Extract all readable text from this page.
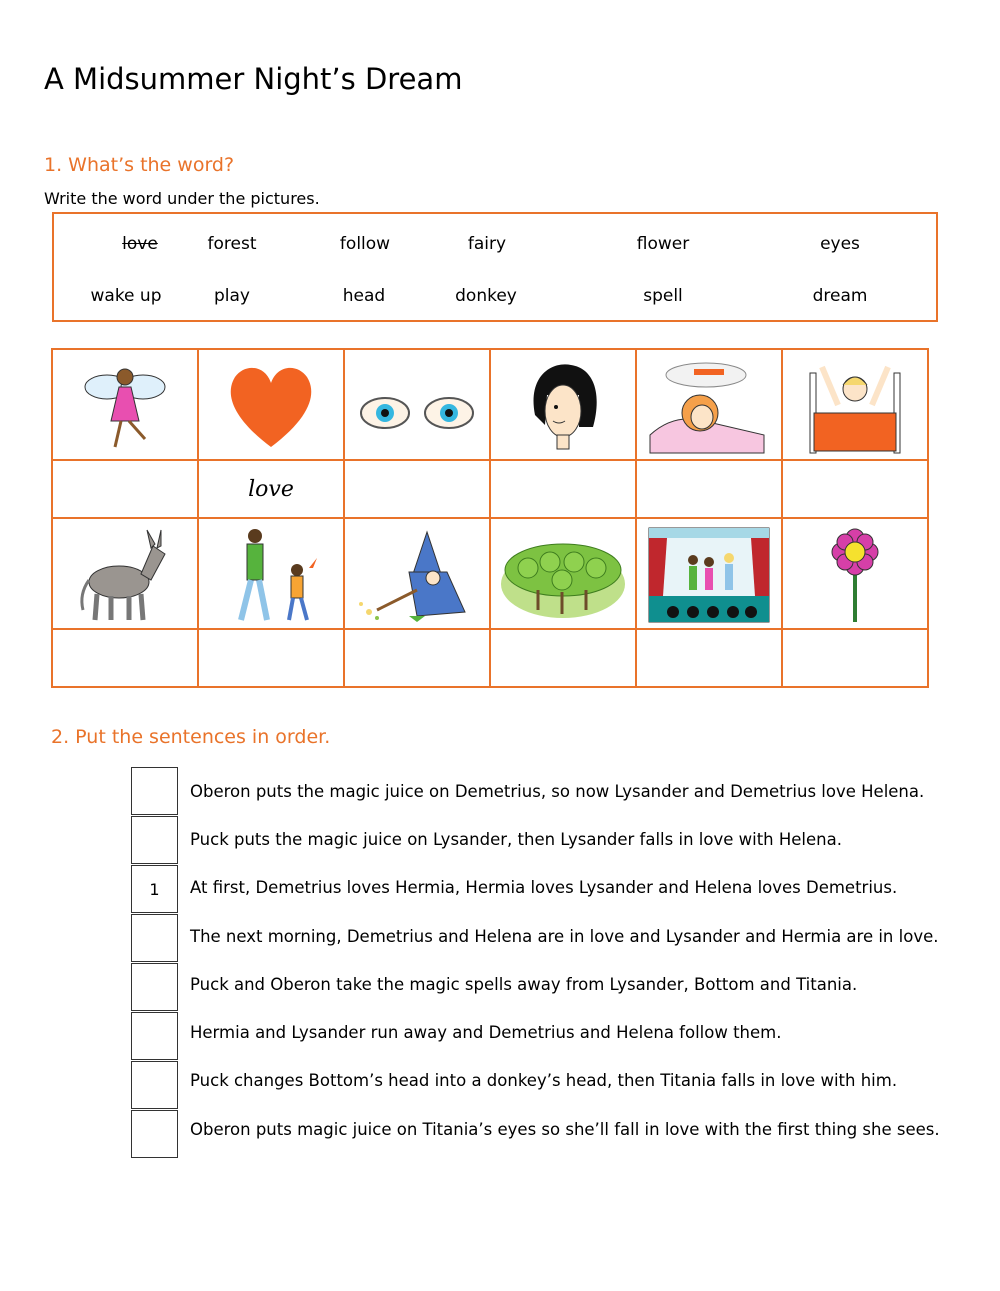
A Midsummer Night’s Dream
1. What’s the word?
Write the word under the pictures.
love	forest	follow	fairy	flower	eyes
wake up	play	head	donkey	spell	dream

	love				

2. Put the sentences in order.
Oberon puts the magic juice on Demetrius, so now Lysander and Demetrius love Helena.
Puck puts the magic juice on Lysander, then Lysander falls in love with Helena.
1	At first, Demetrius loves Hermia, Hermia loves Lysander and Helena loves Demetrius.
The next morning, Demetrius and Helena are in love and Lysander and Hermia are in love.
Puck and Oberon take the magic spells away from Lysander, Bottom and Titania.
Hermia and Lysander run away and Demetrius and Helena follow them.
Puck changes Bottom’s head into a donkey’s head, then Titania falls in love with him.
Oberon puts magic juice on Titania’s eyes so she’ll fall in love with the first thing she sees.
